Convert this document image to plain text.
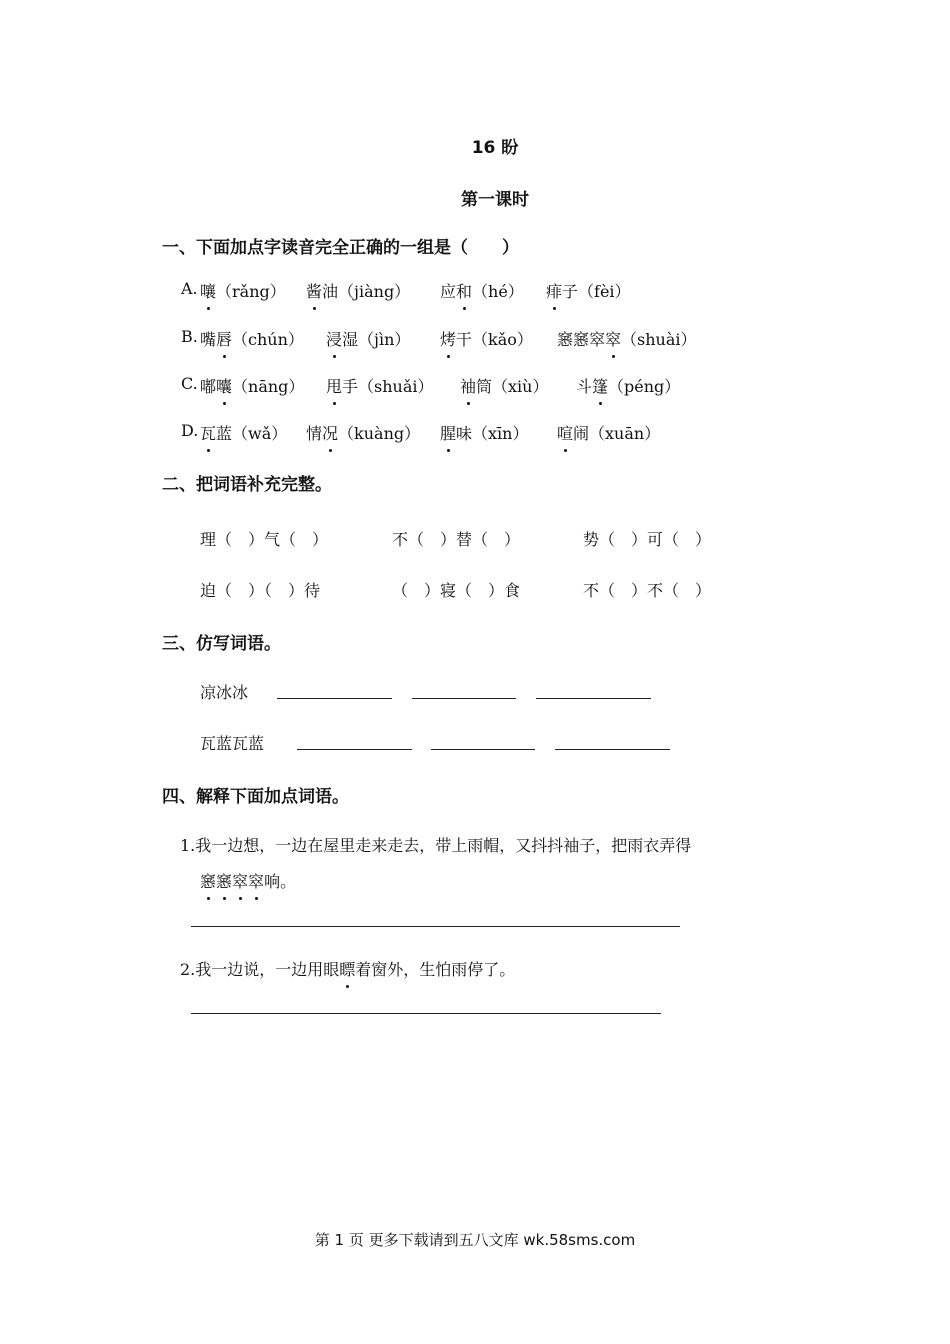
16 盼
第一课时
一、下面加点字读音完全正确的一组是（　　）
A. 嚷（rǎng） 酱油（jiàng） 应和（hé） 痱子（fèi）
B. 嘴唇（chún） 浸湿（jìn） 烤干（kǎo） 窸窸窣窣（shuài）
C. 嘟囔（nāng） 甩手（shuǎi） 袖筒（xiù） 斗篷（péng）
D. 瓦蓝（wǎ） 情况（kuàng） 腥味（xīn） 喧闹（xuān）
二、把词语补充完整。
理（　）气（　）	不（　）替（　）	势（　）可（　）
迫（　）（　）待	（　）寝（　）食	不（　）不（　）
三、仿写词语。
凉冰冰
瓦蓝瓦蓝
四、解释下面加点词语。
1.我一边想，一边在屋里走来走去，带上雨帽，又抖抖袖子，把雨衣弄得
窸窸窣窣响。
2.我一边说，一边用眼瞟着窗外，生怕雨停了。
第 1 页 更多下载请到五八文库 wk.58sms.com
